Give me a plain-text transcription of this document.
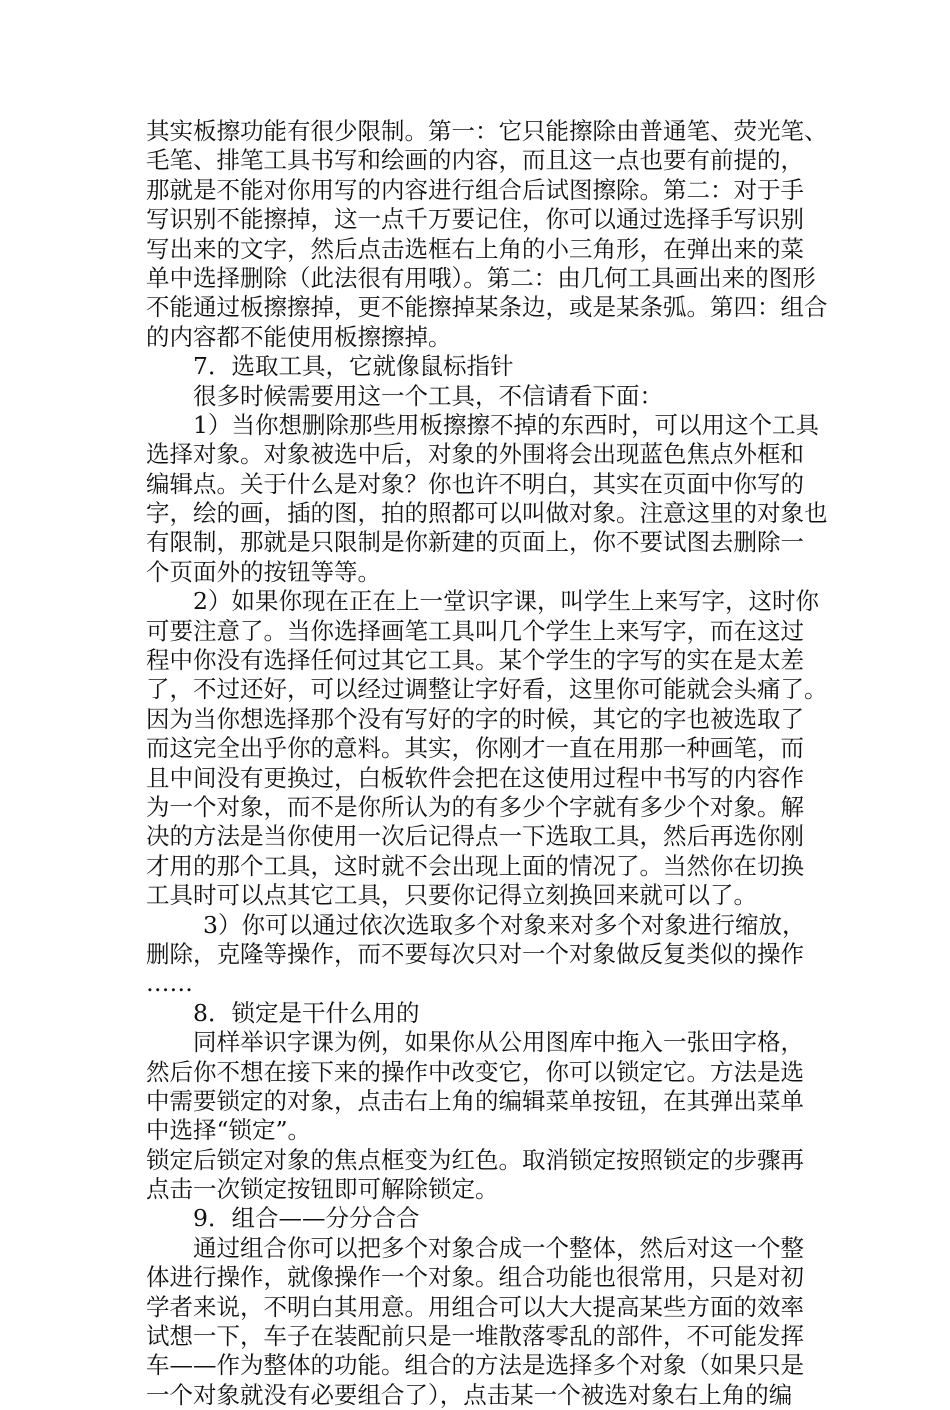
其实板擦功能有很少限制。第一：它只能擦除由普通笔、荧光笔、
毛笔、排笔工具书写和绘画的内容，而且这一点也要有前提的，
那就是不能对你用写的内容进行组合后试图擦除。第二：对于手
写识别不能擦掉，这一点千万要记住，你可以通过选择手写识别
写出来的文字，然后点击选框右上角的小三角形，在弹出来的菜
单中选择删除（此法很有用哦）。第二：由几何工具画出来的图形
不能通过板擦擦掉，更不能擦掉某条边，或是某条弧。第四：组合
的内容都不能使用板擦擦掉。
7．选取工具，它就像鼠标指针
很多时候需要用这一个工具，不信请看下面：
1）当你想删除那些用板擦擦不掉的东西时，可以用这个工具
选择对象。对象被选中后，对象的外围将会出现蓝色焦点外框和
编辑点。关于什么是对象？你也许不明白，其实在页面中你写的
字，绘的画，插的图，拍的照都可以叫做对象。注意这里的对象也
有限制，那就是只限制是你新建的页面上，你不要试图去删除一
个页面外的按钮等等。
2）如果你现在正在上一堂识字课，叫学生上来写字，这时你
可要注意了。当你选择画笔工具叫几个学生上来写字，而在这过
程中你没有选择任何过其它工具。某个学生的字写的实在是太差
了，不过还好，可以经过调整让字好看，这里你可能就会头痛了。
因为当你想选择那个没有写好的字的时候，其它的字也被选取了
而这完全出乎你的意料。其实，你刚才一直在用那一种画笔，而
且中间没有更换过，白板软件会把在这使用过程中书写的内容作
为一个对象，而不是你所认为的有多少个字就有多少个对象。解
决的方法是当你使用一次后记得点一下选取工具，然后再选你刚
才用的那个工具，这时就不会出现上面的情况了。当然你在切换
工具时可以点其它工具，只要你记得立刻换回来就可以了。
3）你可以通过依次选取多个对象来对多个对象进行缩放，
删除，克隆等操作，而不要每次只对一个对象做反复类似的操作
……
8．锁定是干什么用的
同样举识字课为例，如果你从公用图库中拖入一张田字格，
然后你不想在接下来的操作中改变它，你可以锁定它。方法是选
中需要锁定的对象，点击右上角的编辑菜单按钮，在其弹出菜单
中选择“锁定”。
锁定后锁定对象的焦点框变为红色。取消锁定按照锁定的步骤再
点击一次锁定按钮即可解除锁定。
9．组合——分分合合
通过组合你可以把多个对象合成一个整体，然后对这一个整
体进行操作，就像操作一个对象。组合功能也很常用，只是对初
学者来说，不明白其用意。用组合可以大大提高某些方面的效率
试想一下，车子在装配前只是一堆散落零乱的部件，不可能发挥
车——作为整体的功能。组合的方法是选择多个对象（如果只是
一个对象就没有必要组合了），点击某一个被选对象右上角的编
